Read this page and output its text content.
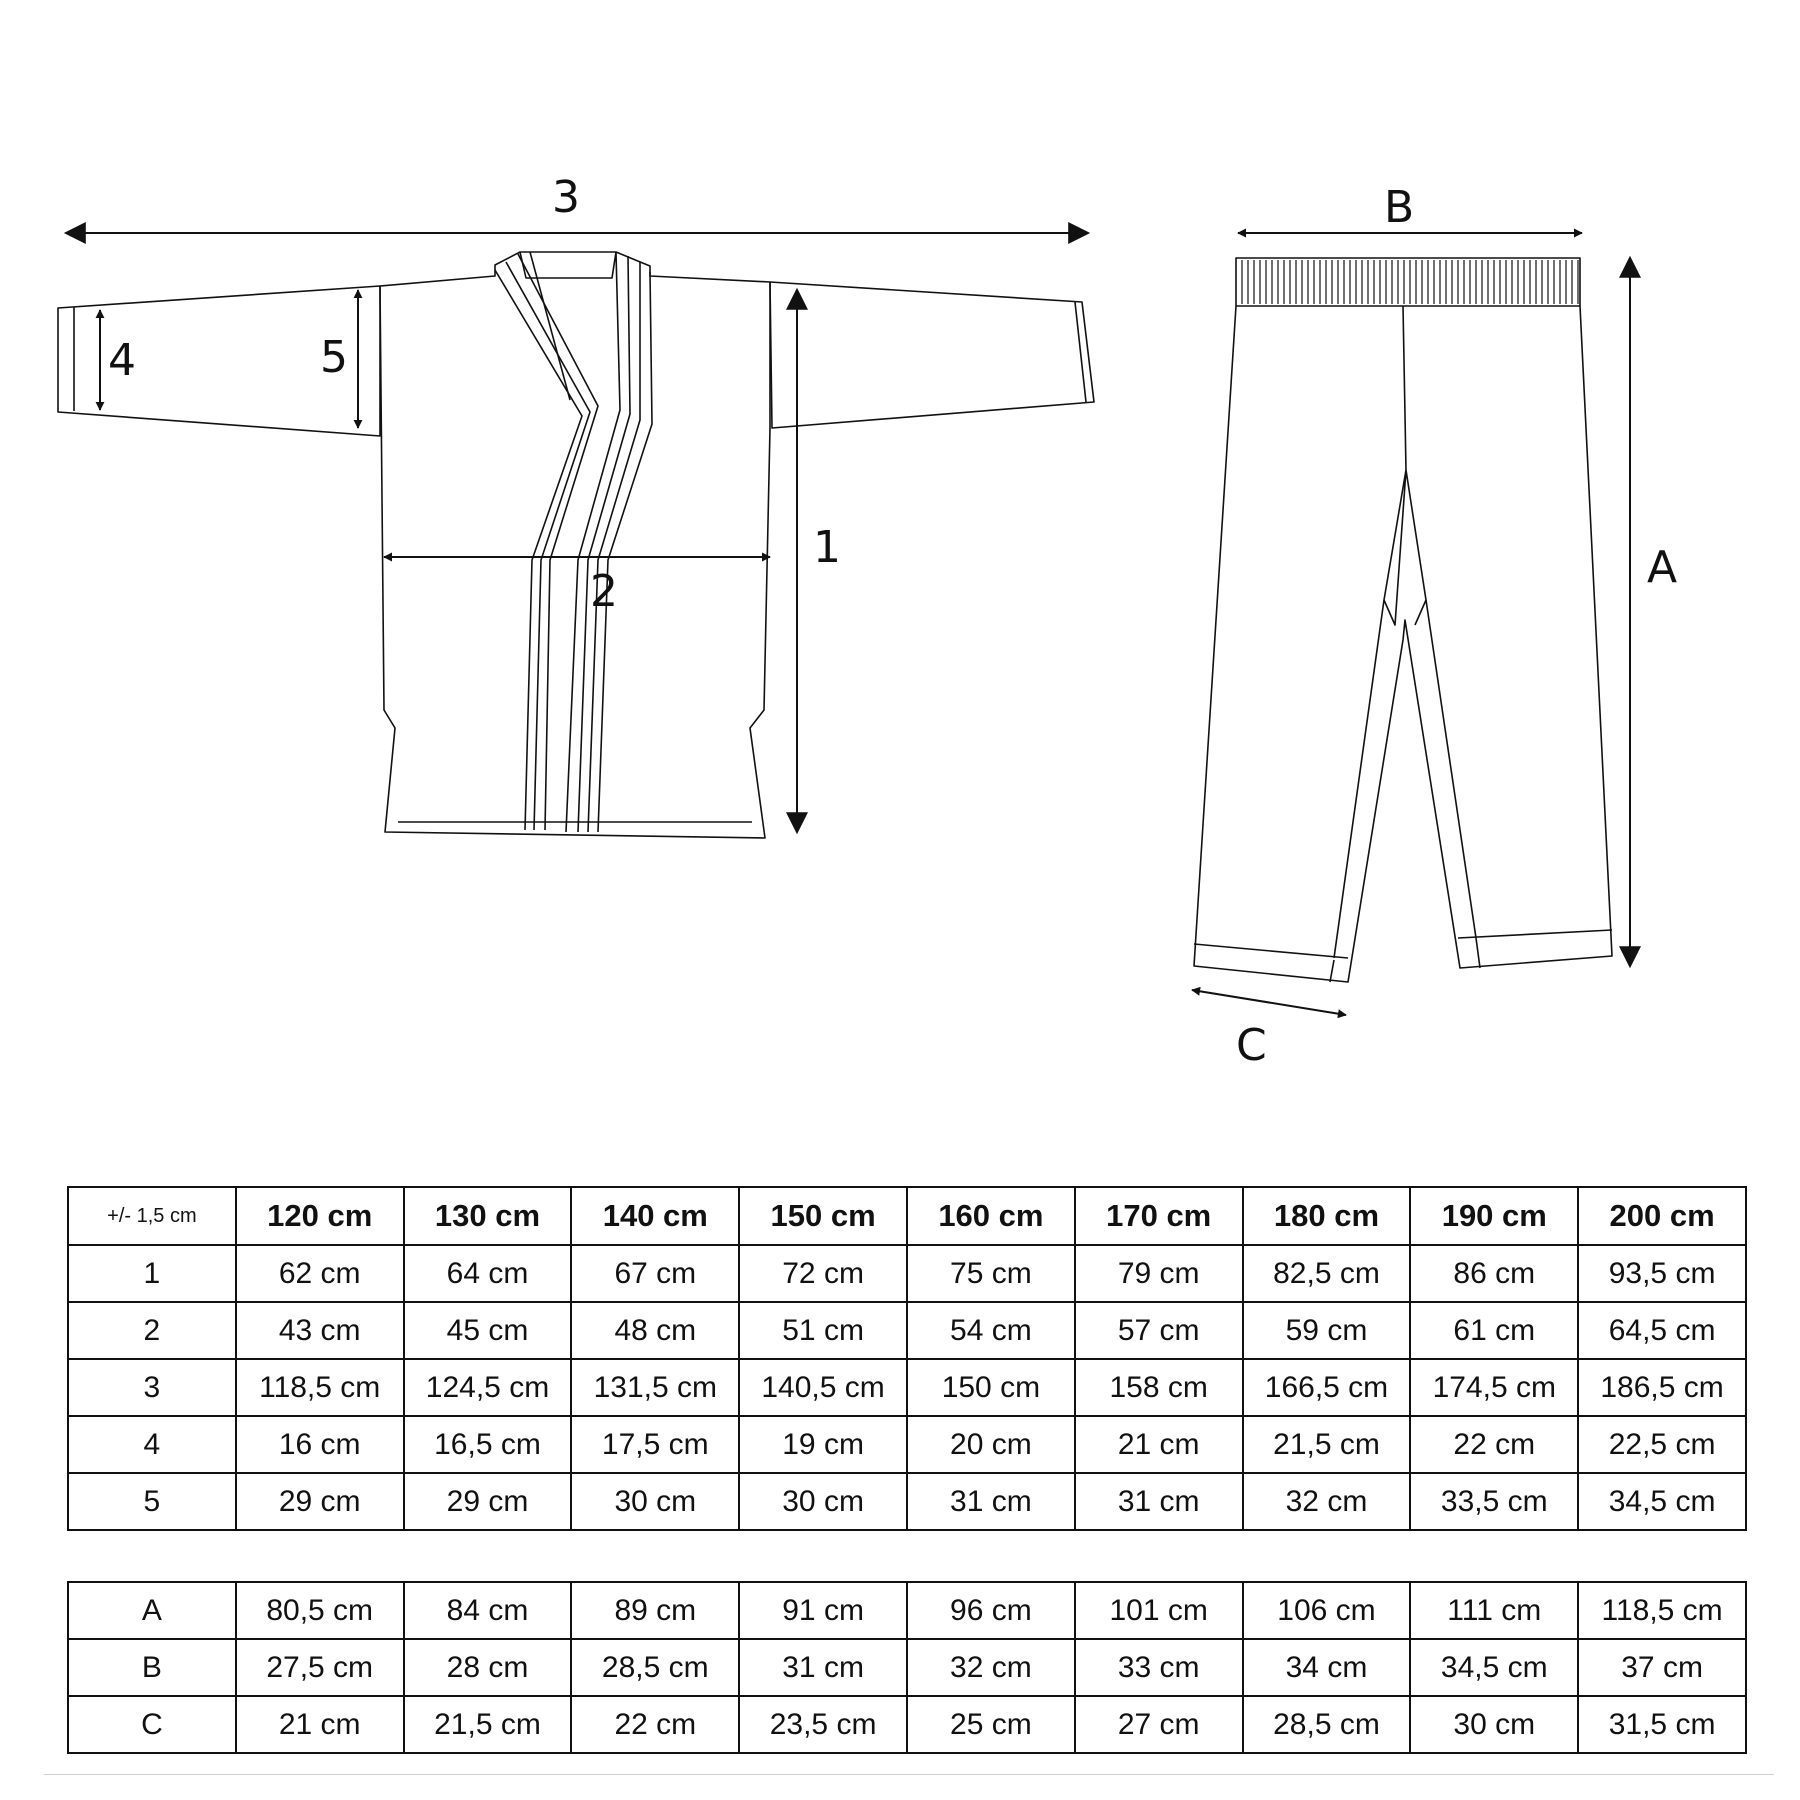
3
1
2
4	5
B
A
C
+/- 1,5 cm	120 cm	130 cm	140 cm	150 cm	160 cm	170 cm	180 cm	190 cm	200 cm
1	62 cm	64 cm	67 cm	72 cm	75 cm	79 cm	82,5 cm	86 cm	93,5 cm
2	43 cm	45 cm	48 cm	51 cm	54 cm	57 cm	59 cm	61 cm	64,5 cm
3	118,5 cm	124,5 cm	131,5 cm	140,5 cm	150 cm	158 cm	166,5 cm	174,5 cm	186,5 cm
4	16 cm	16,5 cm	17,5 cm	19 cm	20 cm	21 cm	21,5 cm	22 cm	22,5 cm
5	29 cm	29 cm	30 cm	30 cm	31 cm	31 cm	32 cm	33,5 cm	34,5 cm
A	80,5 cm	84 cm	89 cm	91 cm	96 cm	101 cm	106 cm	111 cm	118,5 cm
B	27,5 cm	28 cm	28,5 cm	31 cm	32 cm	33 cm	34 cm	34,5 cm	37 cm
C	21 cm	21,5 cm	22 cm	23,5 cm	25 cm	27 cm	28,5 cm	30 cm	31,5 cm
